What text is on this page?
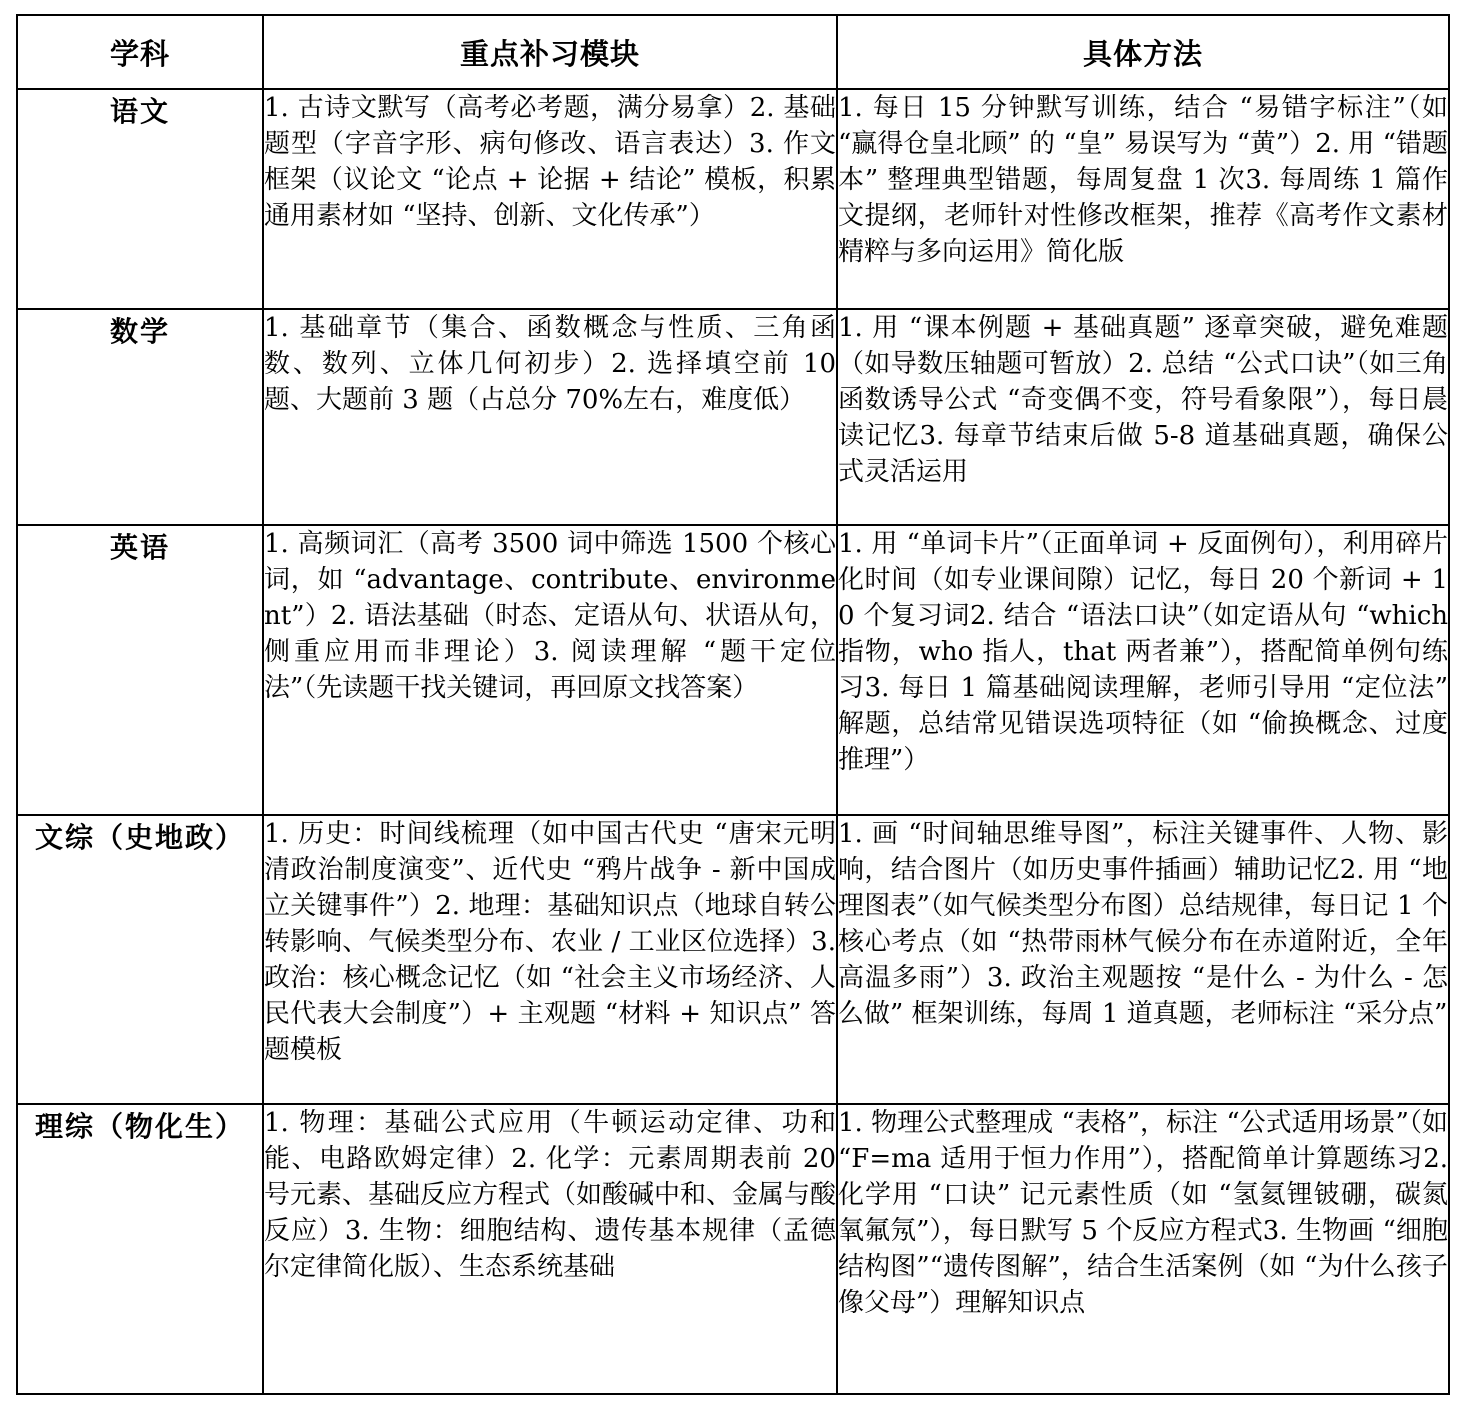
学科	重点补习模块	具体方法
语文	1. 古诗文默写（高考必考题，满分易拿）2. 基础题型（字音字形、病句修改、语言表达）3. 作文框架（议论文 “论点 + 论据 + 结论” 模板，积累通用素材如 “坚持、创新、文化传承”）	1. 每日 15 分钟默写训练，结合 “易错字标注”（如 “赢得仓皇北顾” 的 “皇” 易误写为 “黄”）2. 用 “错题本” 整理典型错题，每周复盘 1 次3. 每周练 1 篇作文提纲，老师针对性修改框架，推荐《高考作文素材精粹与多向运用》简化版
数学	1. 基础章节（集合、函数概念与性质、三角函数、数列、立体几何初步）2. 选择填空前 10 题、大题前 3 题（占总分 70%左右，难度低）	1. 用 “课本例题 + 基础真题” 逐章突破，避免难题（如导数压轴题可暂放）2. 总结 “公式口诀”（如三角函数诱导公式 “奇变偶不变，符号看象限”），每日晨读记忆3. 每章节结束后做 5-8 道基础真题，确保公式灵活运用
英语	1. 高频词汇（高考 3500 词中筛选 1500 个核心词，如 “advantage、contribute、environment”）2. 语法基础（时态、定语从句、状语从句，侧重应用而非理论）3. 阅读理解 “题干定位法”（先读题干找关键词，再回原文找答案）	1. 用 “单词卡片”（正面单词 + 反面例句），利用碎片化时间（如专业课间隙）记忆，每日 20 个新词 + 10 个复习词2. 结合 “语法口诀”（如定语从句 “which 指物，who 指人，that 两者兼”），搭配简单例句练习3. 每日 1 篇基础阅读理解，老师引导用 “定位法” 解题，总结常见错误选项特征（如 “偷换概念、过度推理”）
文综（史地政）	1. 历史：时间线梳理（如中国古代史 “唐宋元明清政治制度演变”、近代史 “鸦片战争 - 新中国成立关键事件”）2. 地理：基础知识点（地球自转公转影响、气候类型分布、农业 / 工业区位选择）3. 政治：核心概念记忆（如 “社会主义市场经济、人民代表大会制度”）+ 主观题 “材料 + 知识点” 答题模板	1. 画 “时间轴思维导图”，标注关键事件、人物、影响，结合图片（如历史事件插画）辅助记忆2. 用 “地理图表”（如气候类型分布图）总结规律，每日记 1 个核心考点（如 “热带雨林气候分布在赤道附近，全年高温多雨”）3. 政治主观题按 “是什么 - 为什么 - 怎么做” 框架训练，每周 1 道真题，老师标注 “采分点”
理综（物化生）	1. 物理：基础公式应用（牛顿运动定律、功和能、电路欧姆定律）2. 化学：元素周期表前 20 号元素、基础反应方程式（如酸碱中和、金属与酸反应）3. 生物：细胞结构、遗传基本规律（孟德尔定律简化版）、生态系统基础	1. 物理公式整理成 “表格”，标注 “公式适用场景”（如 “F=ma 适用于恒力作用”），搭配简单计算题练习2. 化学用 “口诀” 记元素性质（如 “氢氦锂铍硼，碳氮氧氟氖”），每日默写 5 个反应方程式3. 生物画 “细胞结构图”“遗传图解”，结合生活案例（如 “为什么孩子像父母”）理解知识点
